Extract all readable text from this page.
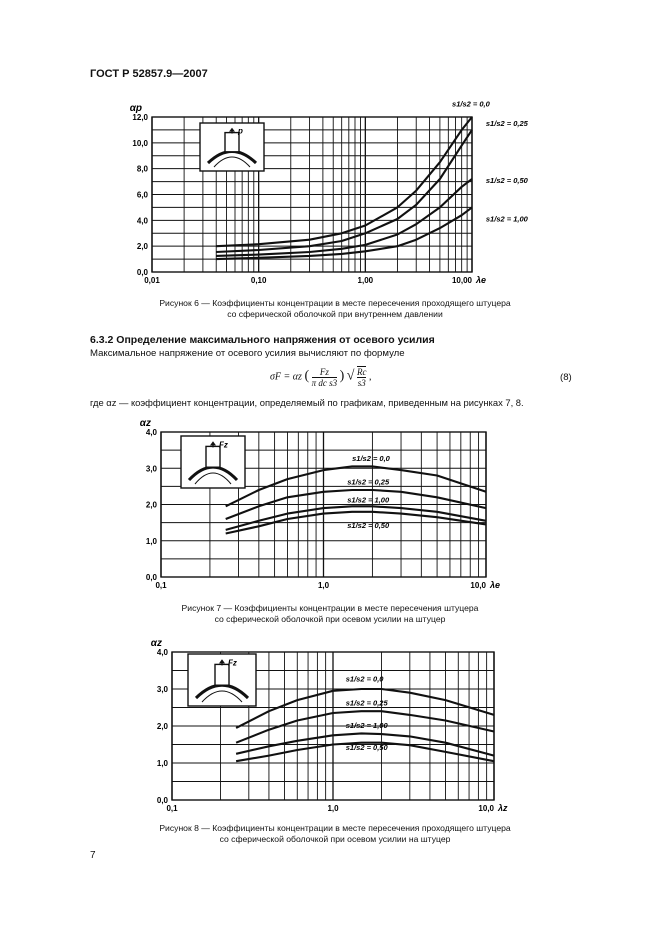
ГОСТ Р 52857.9—2007
0,0
2,0
4,0
6,0
8,0
10,0
12,0
0,01	0,10	1,00	10,00
αp
λe
s1/s2 = 0,0
s1/s2 = 0,25
s1/s2 = 0,50
s1/s2 = 1,00
p
Рисунок 6 — Коэффициенты концентрации в месте пересечения проходящего штуцера
со сферической оболочкой при внутреннем давлении
6.3.2 Определение максимального напряжения от осевого усилия
Максимальное напряжение от осевого усилия вычисляют по формуле
σF = αz ( $\frac{Fz}{\text{π dc s3}}$ ) √ $\frac{Rc}{s3}$ ,	(8)
где αz — коэффициент концентрации, определяемый по графикам, приведенным на рисунках 7, 8.
0,0
1,0
2,0
3,0
4,0
0,1	1,0	10,0
αz
λe
s1/s2 = 0,0
s1/s2 = 0,25
s1/s2 = 1,00
s1/s2 = 0,50
Fz
Рисунок 7 — Коэффициенты концентрации в месте пересечения штуцера
со сферической оболочкой при осевом усилии на штуцер
0,0
1,0
2,0
3,0
4,0
0,1	1,0	10,0
αz
λz
s1/s2 = 0,0
s1/s2 = 0,25
s1/s2 = 1,00
s1/s2 = 0,50
Fz
Рисунок 8 — Коэффициенты концентрации в месте пересечения проходящего штуцера
со сферической оболочкой при осевом усилии на штуцер
7
